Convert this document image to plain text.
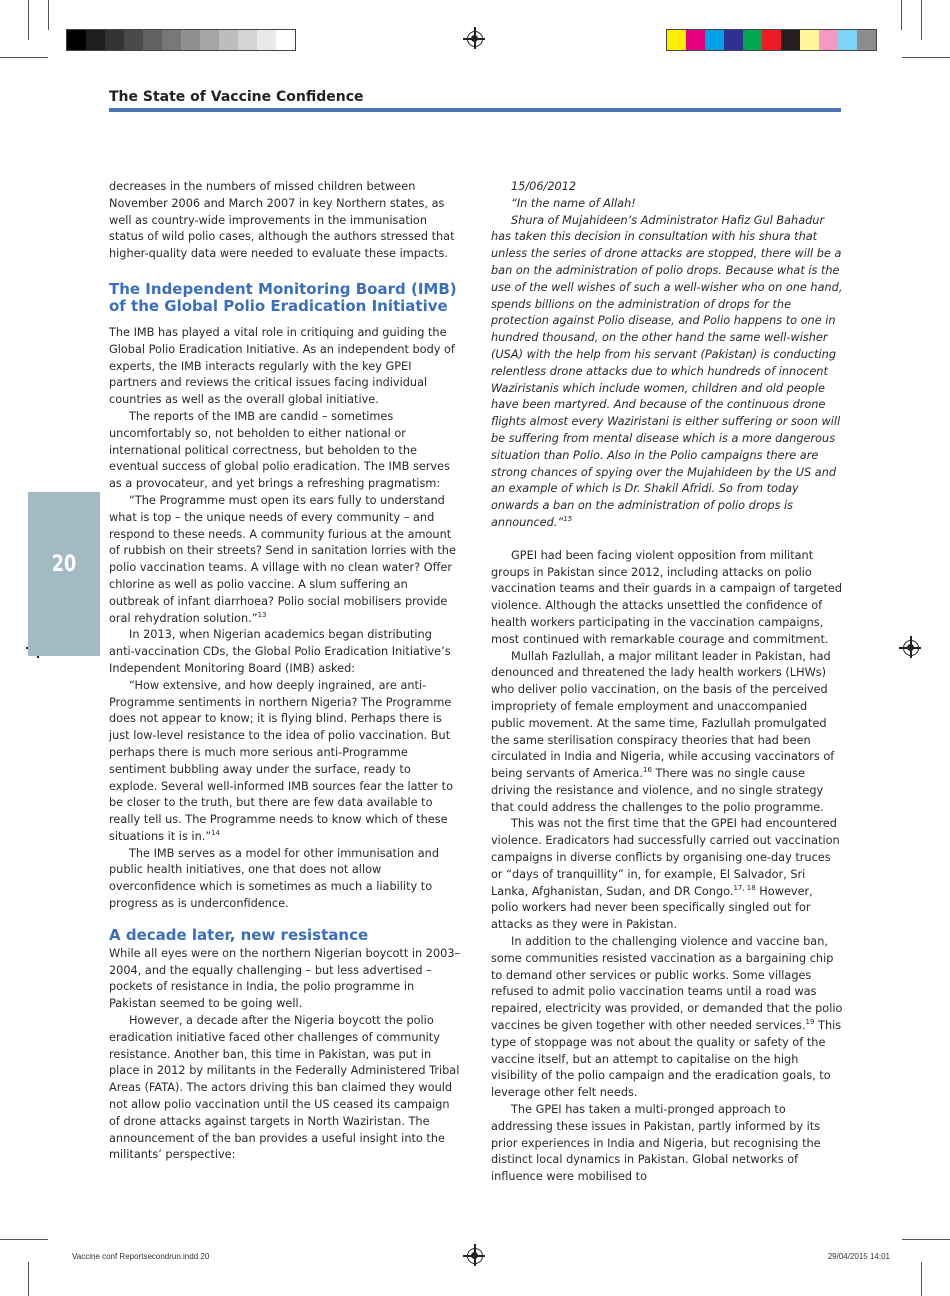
The State of Vaccine Confidence
20

decreases in the numbers of missed children between November 2006 and March 2007 in key Northern states, as well as country-wide improvements in the immunisation status of wild polio cases, although the authors stressed that higher-quality data were needed to evaluate these impacts.

The Independent Monitoring Board (IMB) of the Global Polio Eradication Initiative

The IMB has played a vital role in critiquing and guiding the Global Polio Eradication Initiative. As an independent body of experts, the IMB interacts regularly with the key GPEI partners and reviews the critical issues facing individual countries as well as the overall global initiative.

The reports of the IMB are candid – sometimes uncomfortably so, not beholden to either national or international political correctness, but beholden to the eventual success of global polio eradication. The IMB serves as a provocateur, and yet brings a refreshing pragmatism:

“The Programme must open its ears fully to understand what is top – the unique needs of every community – and respond to these needs. A community furious at the amount of rubbish on their streets? Send in sanitation lorries with the polio vaccination teams. A village with no clean water? Offer chlorine as well as polio vaccine. A slum suffering an outbreak of infant diarrhoea? Polio social mobilisers provide oral rehydration solution.”$^{13}$

In 2013, when Nigerian academics began distributing anti-vaccination CDs, the Global Polio Eradication Initiative’s Independent Monitoring Board (IMB) asked:

“How extensive, and how deeply ingrained, are anti-Programme sentiments in northern Nigeria? The Programme does not appear to know; it is flying blind. Perhaps there is just low-level resistance to the idea of polio vaccination. But perhaps there is much more serious anti-Programme sentiment bubbling away under the surface, ready to explode. Several well-informed IMB sources fear the latter to be closer to the truth, but there are few data available to really tell us. The Programme needs to know which of these situations it is in.”$^{14}$

The IMB serves as a model for other immunisation and public health initiatives, one that does not allow overconfidence which is sometimes as much a liability to progress as is underconfidence.

A decade later, new resistance

While all eyes were on the northern Nigerian boycott in 2003–2004, and the equally challenging – but less advertised – pockets of resistance in India, the polio programme in Pakistan seemed to be going well.

However, a decade after the Nigeria boycott the polio eradication initiative faced other challenges of community resistance. Another ban, this time in Pakistan, was put in place in 2012 by militants in the Federally Administered Tribal Areas (FATA). The actors driving this ban claimed they would not allow polio vaccination until the US ceased its campaign of drone attacks against targets in North Waziristan. The announcement of the ban provides a useful insight into the militants’ perspective:

15/06/2012

“In the name of Allah!

Shura of Mujahideen’s Administrator Hafiz Gul Bahadur has taken this decision in consultation with his shura that unless the series of drone attacks are stopped, there will be a ban on the administration of polio drops. Because what is the use of the well wishes of such a well-wisher who on one hand, spends billions on the administration of drops for the protection against Polio disease, and Polio happens to one in hundred thousand, on the other hand the same well-wisher (USA) with the help from his servant (Pakistan) is conducting relentless drone attacks due to which hundreds of innocent Waziristanis which include women, children and old people have been martyred. And because of the continuous drone flights almost every Waziristani is either suffering or soon will be suffering from mental disease which is a more dangerous situation than Polio. Also in the Polio campaigns there are strong chances of spying over the Mujahideen by the US and an example of which is Dr. Shakil Afridi. So from today onwards a ban on the administration of polio drops is announced.”$^{15}$

GPEI had been facing violent opposition from militant groups in Pakistan since 2012, including attacks on polio vaccination teams and their guards in a campaign of targeted violence. Although the attacks unsettled the confidence of health workers participating in the vaccination campaigns, most continued with remarkable courage and commitment.

Mullah Fazlullah, a major militant leader in Pakistan, had denounced and threatened the lady health workers (LHWs) who deliver polio vaccination, on the basis of the perceived impropriety of female employment and unaccompanied public movement. At the same time, Fazlullah promulgated the same sterilisation conspiracy theories that had been circulated in India and Nigeria, while accusing vaccinators of being servants of America.$^{16}$ There was no single cause driving the resistance and violence, and no single strategy that could address the challenges to the polio programme.

This was not the first time that the GPEI had encountered violence. Eradicators had successfully carried out vaccination campaigns in diverse conflicts by organising one-day truces or “days of tranquillity” in, for example, El Salvador, Sri Lanka, Afghanistan, Sudan, and DR Congo.$^{17, 18}$ However, polio workers had never been specifically singled out for attacks as they were in Pakistan.

In addition to the challenging violence and vaccine ban, some communities resisted vaccination as a bargaining chip to demand other services or public works. Some villages refused to admit polio vaccination teams until a road was repaired, electricity was provided, or demanded that the polio vaccines be given together with other needed services.$^{19}$ This type of stoppage was not about the quality or safety of the vaccine itself, but an attempt to capitalise on the high visibility of the polio campaign and the eradication goals, to leverage other felt needs.

The GPEI has taken a multi-pronged approach to addressing these issues in Pakistan, partly informed by its prior experiences in India and Nigeria, but recognising the distinct local dynamics in Pakistan. Global networks of influence were mobilised to

Vaccine conf Reportsecondrun.indd 20	29/04/2015 14:01
